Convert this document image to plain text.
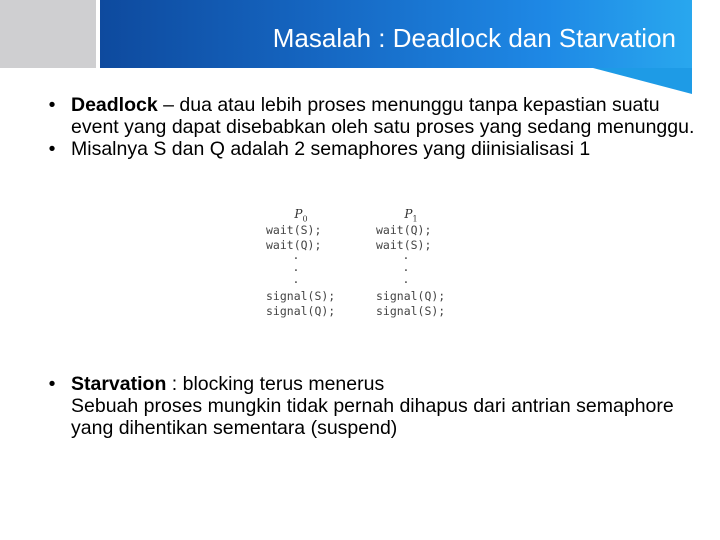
Masalah : Deadlock dan Starvation
• Deadlock – dua atau lebih proses menunggu tanpa kepastian suatu event yang dapat disebabkan oleh satu proses yang sedang menunggu.
• Misalnya S dan Q adalah 2 semaphores yang diinisialisasi 1
$P_0$
wait(S);
wait(Q);
·
·
·
signal(S);
signal(Q);
$P_1$
wait(Q);
wait(S);
·
·
·
signal(Q);
signal(S);
• Starvation : blocking terus menerus
Sebuah proses mungkin tidak pernah dihapus dari antrian semaphore yang dihentikan sementara (suspend)
